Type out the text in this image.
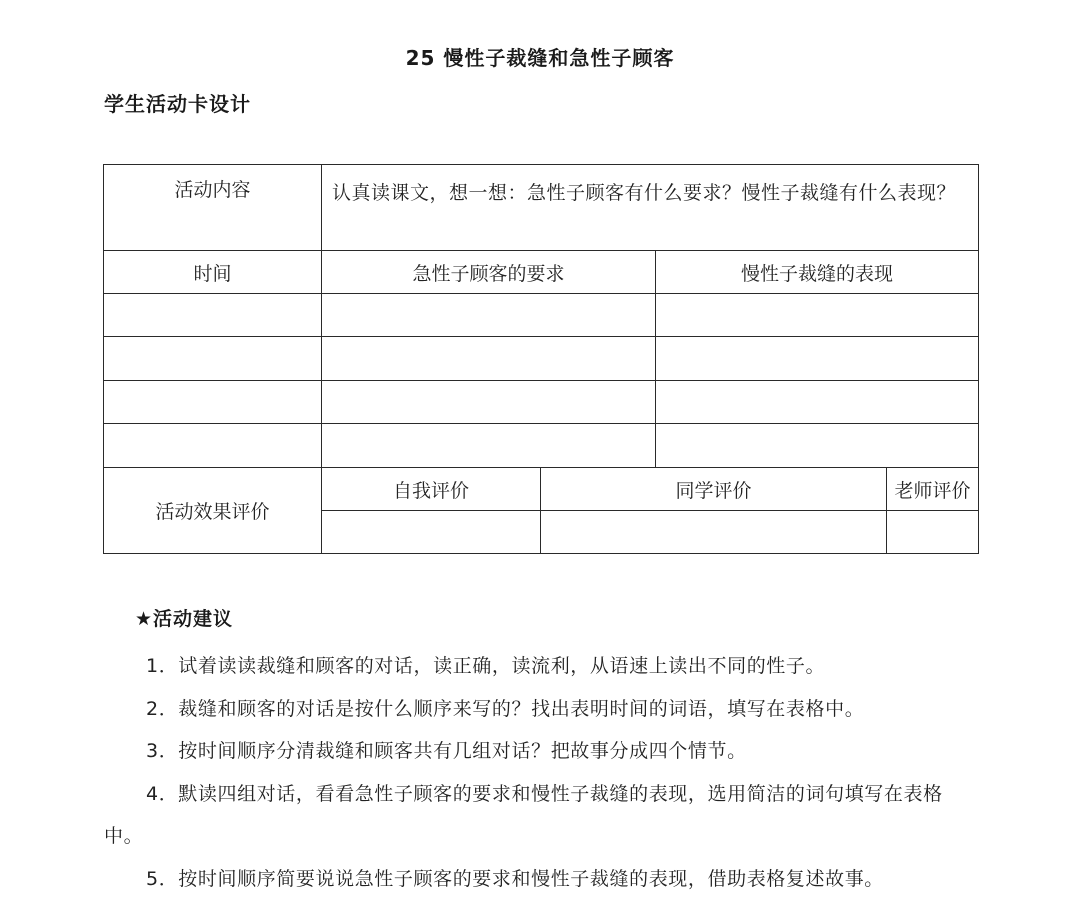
25 慢性子裁缝和急性子顾客
学生活动卡设计
活动内容	认真读课文，想一想：急性子顾客有什么要求？慢性子裁缝有什么表现？			
时间	急性子顾客的要求		慢性子裁缝的表现	

活动效果评价	自我评价	同学评价		老师评价

★活动建议

1．试着读读裁缝和顾客的对话，读正确，读流利，从语速上读出不同的性子。

2．裁缝和顾客的对话是按什么顺序来写的？找出表明时间的词语，填写在表格中。

3．按时间顺序分清裁缝和顾客共有几组对话？把故事分成四个情节。

4．默读四组对话，看看急性子顾客的要求和慢性子裁缝的表现，选用简洁的词句填写在表格中。

5．按时间顺序简要说说急性子顾客的要求和慢性子裁缝的表现，借助表格复述故事。
